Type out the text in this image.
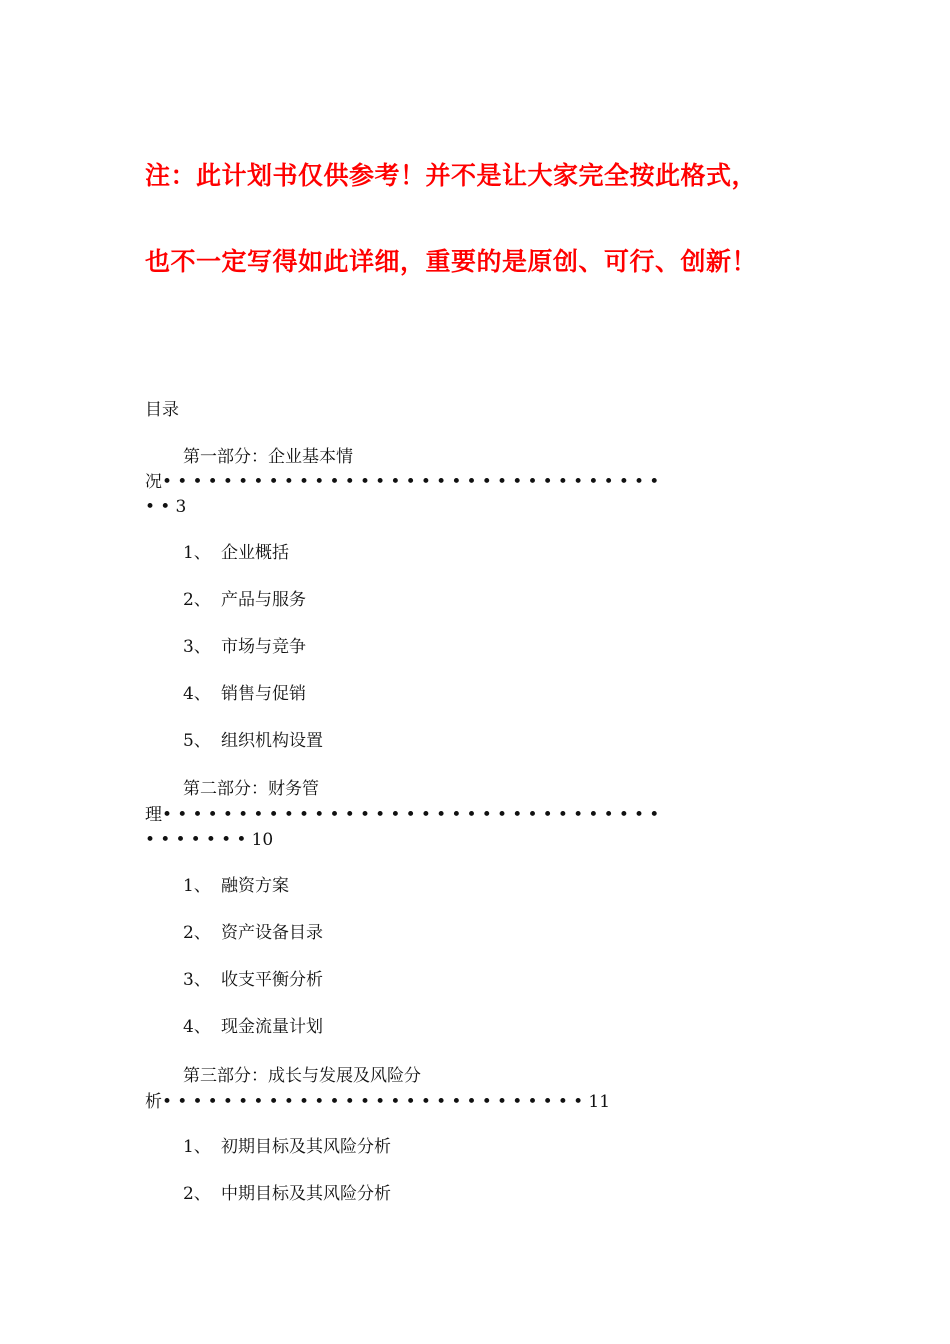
注：此计划书仅供参考！并不是让大家完全按此格式，
也不一定写得如此详细，重要的是原创、可行、创新！
目录
第一部分：企业基本情
况•••••••••••••••••••••••••••••••••
••3
1、 企业概括
2、 产品与服务
3、 市场与竞争
4、 销售与促销
5、 组织机构设置
第二部分：财务管
理•••••••••••••••••••••••••••••••••
•••••••10
1、 融资方案
2、 资产设备目录
3、 收支平衡分析
4、 现金流量计划
第三部分：成长与发展及风险分
析••••••••••••••••••••••••••••11
1、 初期目标及其风险分析
2、 中期目标及其风险分析
